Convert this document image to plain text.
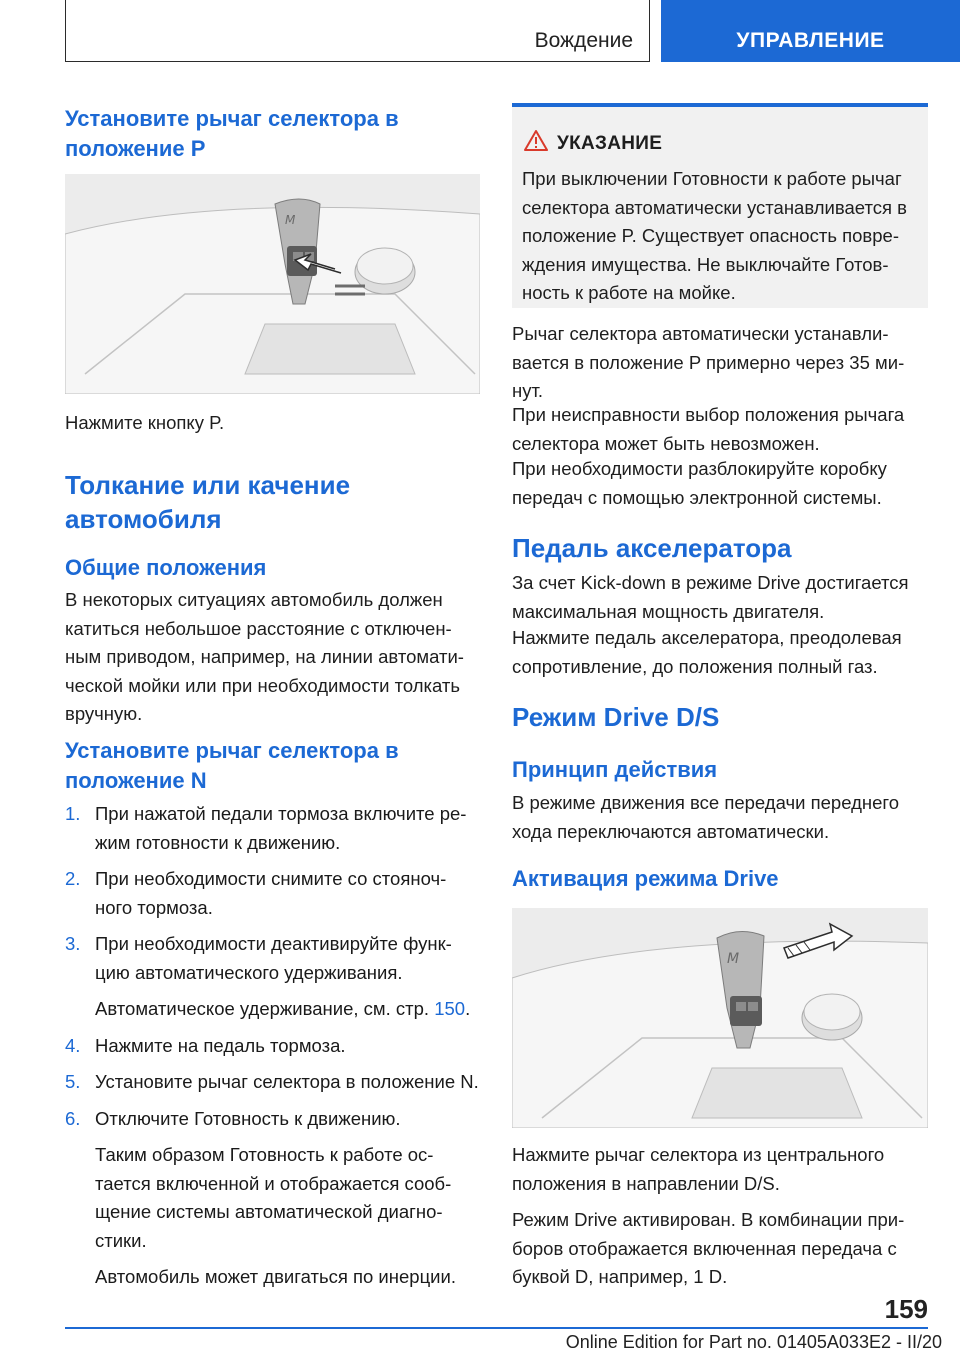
Вождение	УПРАВЛЕНИЕ
Установите рычаг селектора в положение P
M

Нажмите кнопку P.

Толкание или качение автомобиля
Общие положения

В некоторых ситуациях автомобиль должен катиться небольшое расстояние с отключен‐ным приводом, например, на линии автомати‐ческой мойки или при необходимости толкать вручную.

Установите рычаг селектора в положение N
1. При нажатой педали тормоза включите ре‐жим готовности к движению.
2. При необходимости снимите со стояноч‐ного тормоза.
3. При необходимости деактивируйте функ‐цию автоматического удерживания.
Автоматическое удерживание, см. стр. 150.
4. Нажмите на педаль тормоза.
5. Установите рычаг селектора в положение N.
6. Отключите Готовность к движению.
Таким образом Готовность к работе ос‐тается включенной и отображается сооб‐щение системы автоматической диагно‐стики.
Автомобиль может двигаться по инерции.
УКАЗАНИЕ
При выключении Готовности к работе рычаг селектора автоматически устанавливается в положение P. Существует опасность повре‐ждения имущества. Не выключайте Готов‐ность к работе на мойке.

Рычаг селектора автоматически устанавли‐вается в положение P примерно через 35 ми‐нут.

При неисправности выбор положения рычага селектора может быть невозможен.

При необходимости разблокируйте коробку передач с помощью электронной системы.

Педаль акселератора

За счет Kick-down в режиме Drive достигается максимальная мощность двигателя.

Нажмите педаль акселератора, преодолевая сопротивление, до положения полный газ.

Режим Drive D/S
Принцип действия

В режиме движения все передачи переднего хода переключаются автоматически.

Активация режима Drive
M

Нажмите рычаг селектора из центрального положения в направлении D/S.

Режим Drive активирован. В комбинации при‐боров отображается включенная передача с буквой D, например, 1 D.

159
Online Edition for Part no. 01405A033E2 - II/20
